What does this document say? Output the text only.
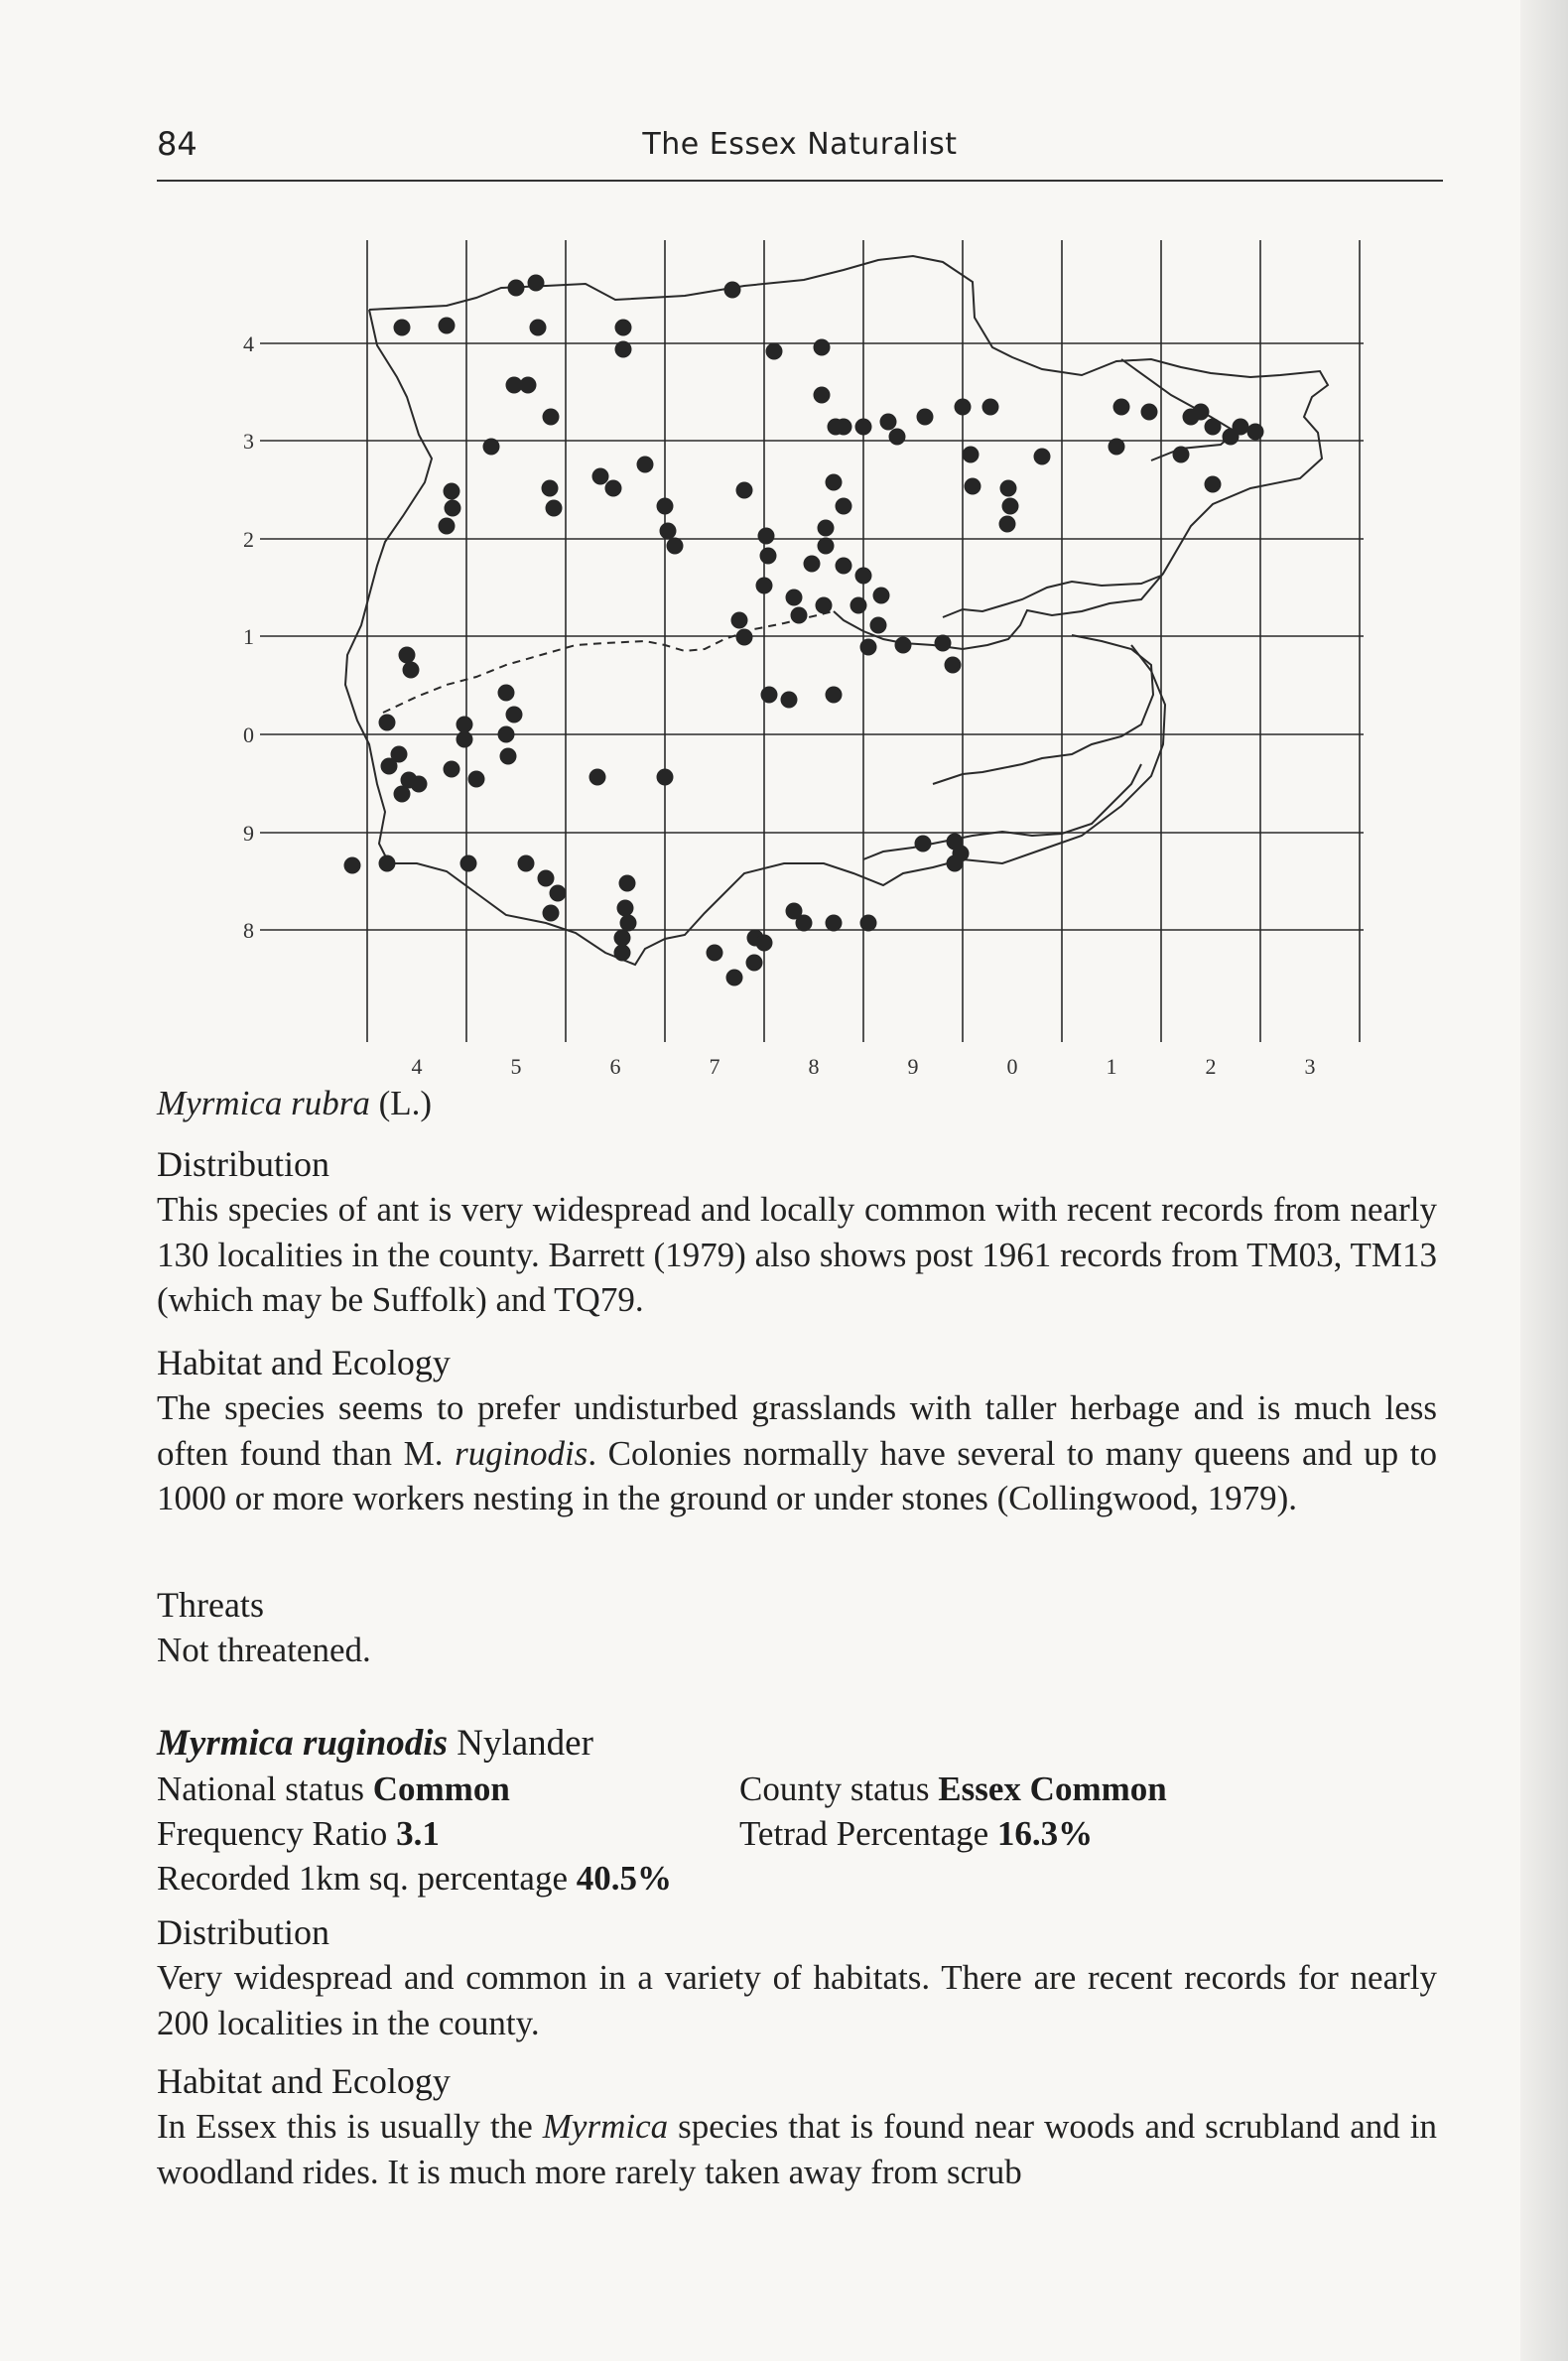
84	The Essex Naturalist
4
3
2
1
0
9
8
4	5	6	7	8	9	0	1	2	3
Myrmica rubra (L.)
Distribution
This species of ant is very widespread and locally common with recent records from nearly 130 localities in the county. Barrett (1979) also shows post 1961 records from TM03, TM13 (which may be Suffolk) and TQ79.
Habitat and Ecology
The species seems to prefer undisturbed grasslands with taller herbage and is much less often found than M. ruginodis. Colonies normally have several to many queens and up to 1000 or more workers nesting in the ground or under stones (Collingwood, 1979).
Threats
Not threatened.
Myrmica ruginodis Nylander
National status Common	County status Essex Common
Frequency Ratio 3.1	Tetrad Percentage 16.3%
Recorded 1km sq. percentage 40.5%
Distribution
Very widespread and common in a variety of habitats. There are recent records for nearly 200 localities in the county.
Habitat and Ecology
In Essex this is usually the Myrmica species that is found near woods and scrubland and in woodland rides. It is much more rarely taken away from scrub
